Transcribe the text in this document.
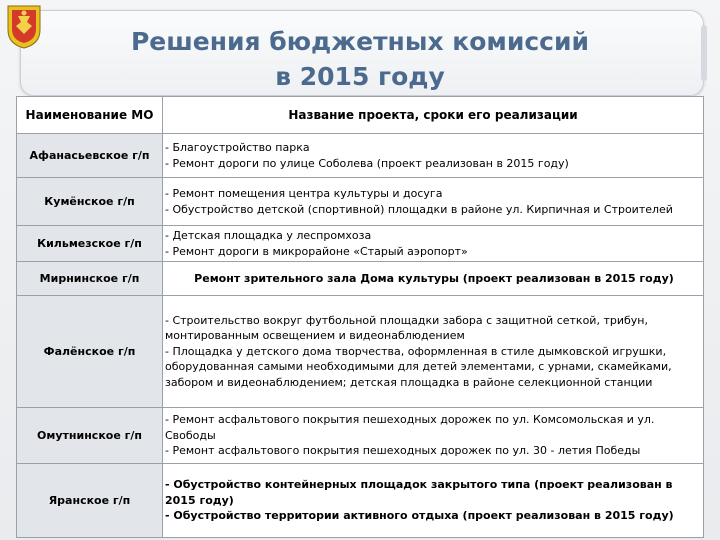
Решения бюджетных комиссий
в 2015 году
Наименование МО	Название проекта, сроки его реализации
Афанасьевское г/п	- Благоустройство парка
- Ремонт дороги по улице Соболева (проект реализован в 2015 году)
Кумёнское г/п	- Ремонт помещения центра культуры и досуга
- Обустройство детской (спортивной) площадки в районе ул. Кирпичная и Строителей
Кильмезское г/п	- Детская площадка у леспромхоза
- Ремонт дороги в микрорайоне «Старый аэропорт»
Мирнинское г/п	Ремонт зрительного зала Дома культуры (проект реализован в 2015 году)
Фалёнское г/п	- Строительство вокруг футбольной площадки забора с защитной сеткой, трибун, монтированным освещением и видеонаблюдением
- Площадка у детского дома творчества, оформленная в стиле дымковской игрушки, оборудованная самыми необходимыми для детей элементами, с урнами, скамейками, забором и видеонаблюдением; детская площадка в районе селекционной станции
Омутнинское г/п	- Ремонт асфальтового покрытия пешеходных дорожек по ул. Комсомольская и ул. Свободы
- Ремонт асфальтового покрытия пешеходных дорожек по ул. 30 - летия Победы
Яранское г/п	- Обустройство контейнерных площадок закрытого типа (проект реализован в 2015 году)
- Обустройство территории активного отдыха (проект реализован в 2015 году)
